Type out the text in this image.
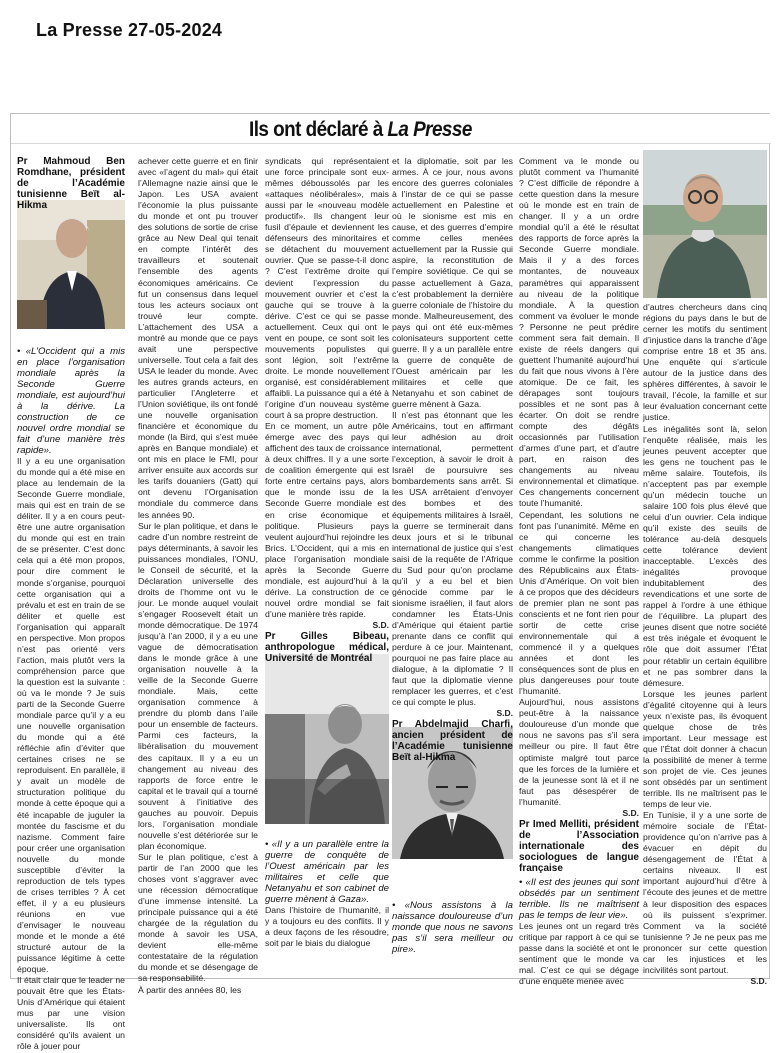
La Presse 27-05-2024
Ils ont déclaré à La Presse
Pr Mahmoud Ben Romdhane, président de l’Académie tunisienne Beït al-Hikma

• «L’Occident qui a mis en place l’organisation mondiale après la Seconde Guerre mondiale, est aujourd’hui à la dérive. La construction de ce nouvel ordre mondial se fait d’une manière très rapide».

Il y a eu une organisation du monde qui a été mise en place au lendemain de la Seconde Guerre mondiale, mais qui est en train de se déliter. Il y a en cours peut-être une autre organisation du monde qui est en train de se présenter. C’est donc cela qui a été mon propos, pour dire comment le monde s’organise, pourquoi cette organisation qui a prévalu et est en train de se déliter et quelle est l’organisation qui apparaît en perspective. Mon propos n’est pas orienté vers l’action, mais plutôt vers la compréhension parce que la question est la suivante : où va le monde ? Je suis parti de la Seconde Guerre mondiale parce qu’il y a eu une nouvelle organisation du monde qui a été réfléchie afin d’éviter que certaines crises ne se reproduisent. En parallèle, il y avait un modèle de structuration politique du monde à cette époque qui a été incapable de juguler la montée du fascisme et du nazisme. Comment faire pour créer une organisation nouvelle du monde susceptible d’éviter la reproduction de tels types de crises terribles ? À cet effet, il y a eu plusieurs réunions en vue d’envisager le nouveau monde et le monde a été structuré autour de la puissance légitime à cette époque.

Il était clair que le leader ne pouvait être que les États-Unis d’Amérique qui étaient mus par une vision universaliste. Ils ont considéré qu’ils avaient un rôle à jouer pour

achever cette guerre et en finir avec «l’agent du mal» qui était l’Allemagne nazie ainsi que le Japon. Les USA avaient l’économie la plus puissante du monde et ont pu trouver des solutions de sortie de crise grâce au New Deal qui tenait en compte l’intérêt des travailleurs et soutenait l’ensemble des agents économiques américains. Ce fut un consensus dans lequel tous les acteurs sociaux ont trouvé leur compte. L’attachement des USA a montré au monde que ce pays avait une perspective universelle. Tout cela a fait des USA le leader du monde. Avec les autres grands acteurs, en particulier l’Angleterre et l’Union soviétique, ils ont fondé une nouvelle organisation financière et économique du monde (la Bird, qui s’est muée après en Banque mondiale) et ont mis en place le FMI, pour arriver ensuite aux accords sur les tarifs douaniers (Gatt) qui ont devenu l’Organisation mondiale du commerce dans les années 90.

Sur le plan politique, et dans le cadre d’un nombre restreint de pays déterminants, à savoir les puissances mondiales, l’ONU, le Conseil de sécurité, et la Déclaration universelle des droits de l’homme ont vu le jour. Le monde auquel voulait s’engager Roosevelt était un monde démocratique. De 1974 jusqu’à l’an 2000, il y a eu une vague de démocratisation dans le monde grâce à une organisation nouvelle à la veille de la Seconde Guerre mondiale. Mais, cette organisation commence à prendre du plomb dans l’aile pour un ensemble de facteurs. Parmi ces facteurs, la libéralisation du mouvement des capitaux. Il y a eu un changement au niveau des rapports de force entre le capital et le travail qui a tourné souvent à l’initiative des gauches au pouvoir. Depuis lors, l’organisation mondiale nouvelle s’est détériorée sur le plan économique.

Sur le plan politique, c’est à partir de l’an 2000 que les choses vont s’aggraver avec une récession démocratique d’une immense intensité. La principale puissance qui a été chargée de la régulation du monde à savoir les USA, devient elle-même contestataire de la régulation du monde et se désengage de sa responsabilité.

À partir des années 80, les

syndicats qui représentaient une force principale sont eux-mêmes déboussolés par les «attaques néolibérales», mais aussi par le «nouveau modèle productif». Ils changent leur fusil d’épaule et deviennent les défenseurs des minoritaires et se détachent du mouvement ouvrier. Que se passe-t-il donc ? C’est l’extrême droite qui devient l’expression du mouvement ouvrier et c’est la gauche qui se trouve à la dérive. C’est ce qui se passe actuellement. Ceux qui ont le vent en poupe, ce sont soit les mouvements populistes qui sont légion, soit l’extrême droite. Le monde nouvellement organisé, est considérablement affaibli. La puissance qui a été à l’origine d’un nouveau système court à sa propre destruction.

En ce moment, un autre pôle émerge avec des pays qui affichent des taux de croissance à deux chiffres. Il y a une sorte de coalition émergente qui est forte entre certains pays, alors que le monde issu de la Seconde Guerre mondiale est en crise économique et politique. Plusieurs pays veulent aujourd’hui rejoindre les Brics. L’Occident, qui a mis en place l’organisation mondiale après la Seconde Guerre mondiale, est aujourd’hui à la dérive. La construction de ce nouvel ordre mondial se fait d’une manière très rapide.

S.D.

Pr Gilles Bibeau, anthropologue médical, Université de Montréal

• «Il y a un parallèle entre la guerre de conquête de l’Ouest américain par les militaires et celle que Netanyahu et son cabinet de guerre mènent à Gaza».

Dans l’histoire de l’humanité, il y a toujours eu des conflits. Il y a deux façons de les résoudre, soit par le biais du dialogue

et la diplomatie, soit par les armes. À ce jour, nous avons encore des guerres coloniales à l’instar de ce qui se passe actuellement en Palestine et où le sionisme est mis en cause, et des guerres d’empire comme celles menées actuellement par la Russie qui aspire, la reconstitution de l’empire soviétique. Ce qui se passe actuellement à Gaza, c’est probablement la dernière guerre coloniale de l’histoire du monde. Malheureusement, des pays qui ont été eux-mêmes colonisateurs supportent cette guerre. Il y a un parallèle entre la guerre de conquête de l’Ouest américain par les militaires et celle que Netanyahu et son cabinet de guerre mènent à Gaza.

Il n’est pas étonnant que les Américains, tout en affirmant leur adhésion au droit international, permettent l’exception, à savoir le droit à Israël de poursuivre ses bombardements sans arrêt. Si les USA arrêtaient d’envoyer des bombes et des équipements militaires à Israël, la guerre se terminerait dans deux jours et si le tribunal international de justice qui s’est saisi de la requête de l’Afrique du Sud pour qu’on proclame qu’il y a eu bel et bien génocide comme par le sionisme israélien, il faut alors condamner les États-Unis d’Amérique qui étaient partie prenante dans ce conflit qui perdure à ce jour. Maintenant, pourquoi ne pas faire place au dialogue, à la diplomatie ? Il faut que la diplomatie vienne remplacer les guerres, et c’est ce qui compte le plus.

S.D.

Pr Abdelmajid Charfi, ancien président de l’Académie tunisienne Beït al-Hikma

• «Nous assistons à la naissance douloureuse d’un monde que nous ne savons pas s’il sera meilleur ou pire».

Comment va le monde ou plutôt comment va l’humanité ? C’est difficile de répondre à cette question dans la mesure où le monde est en train de changer. Il y a un ordre mondial qu’il a été le résultat des rapports de force après la Seconde Guerre mondiale. Mais il y a des forces montantes, de nouveaux paramètres qui apparaissent au niveau de la politique mondiale. À la question comment va évoluer le monde ? Personne ne peut prédire comment sera fait demain. Il existe de réels dangers qui guettent l’humanité aujourd’hui du fait que nous vivons à l’ère atomique. De ce fait, les dérapages sont toujours possibles et ne sont pas à écarter. On doit se rendre compte des dégâts occasionnés par l’utilisation d’armes d’une part, et d’autre part, en raison des changements au niveau environnemental et climatique. Ces changements concernent toute l’humanité.

Cependant, les solutions ne font pas l’unanimité. Même en ce qui concerne les changements climatiques comme le confirme la position des Républicains aux États-Unis d’Amérique. On voit bien à ce propos que des décideurs de premier plan ne sont pas conscients et ne font rien pour sortir de cette crise environnementale qui a commencé il y a quelques années et dont les conséquences sont de plus en plus dangereuses pour toute l’humanité.

Aujourd’hui, nous assistons peut-être à la naissance douloureuse d’un monde que nous ne savons pas s’il sera meilleur ou pire. Il faut être optimiste malgré tout parce que les forces de la lumière et de la jeunesse sont là et il ne faut pas désespérer de l’humanité.

S.D.

Pr Imed Melliti, président de l’Association internationale des sociologues de langue française

• «Il est des jeunes qui sont obsédés par un sentiment terrible. Ils ne maîtrisent pas le temps de leur vie».

Les jeunes ont un regard très critique par rapport à ce qui se passe dans la société et ont le sentiment que le monde va mal. C’est ce qui se dégage d’une enquête menée avec

d’autres chercheurs dans cinq régions du pays dans le but de cerner les motifs du sentiment d’injustice dans la tranche d’âge comprise entre 18 et 35 ans. Une enquête qui s’articule autour de la justice dans des sphères différentes, à savoir le travail, l’école, la famille et sur leur évaluation concernant cette justice.

Les inégalités sont là, selon l’enquête réalisée, mais les jeunes peuvent accepter que les gens ne touchent pas le même salaire. Toutefois, ils n’acceptent pas par exemple qu’un médecin touche un salaire 100 fois plus élevé que celui d’un ouvrier. Cela indique qu’il existe des seuils de tolérance au-delà desquels cette tolérance devient inacceptable. L’excès des inégalités provoque indubitablement des revendications et une sorte de rappel à l’ordre à une éthique de l’équilibre. La plupart des jeunes disent que notre société est très inégale et évoquent le rôle que doit assumer l’État pour rétablir un certain équilibre et ne pas sombrer dans la démesure.

Lorsque les jeunes parlent d’égalité citoyenne qui à leurs yeux n’existe pas, ils évoquent quelque chose de très important. Leur message est que l’État doit donner à chacun la possibilité de mener à terme son projet de vie. Ces jeunes sont obsédés par un sentiment terrible. Ils ne maîtrisent pas le temps de leur vie.

En Tunisie, il y a une sorte de mémoire sociale de l’État-providence qu’on n’arrive pas à évacuer en dépit du désengagement de l’État à certains niveaux. Il est important aujourd’hui d’être à l’écoute des jeunes et de mettre à leur disposition des espaces où ils puissent s’exprimer. Comment va la société tunisienne ? Je ne peux pas me prononcer sur cette question car les injustices et les incivilités sont partout.

S.D.
